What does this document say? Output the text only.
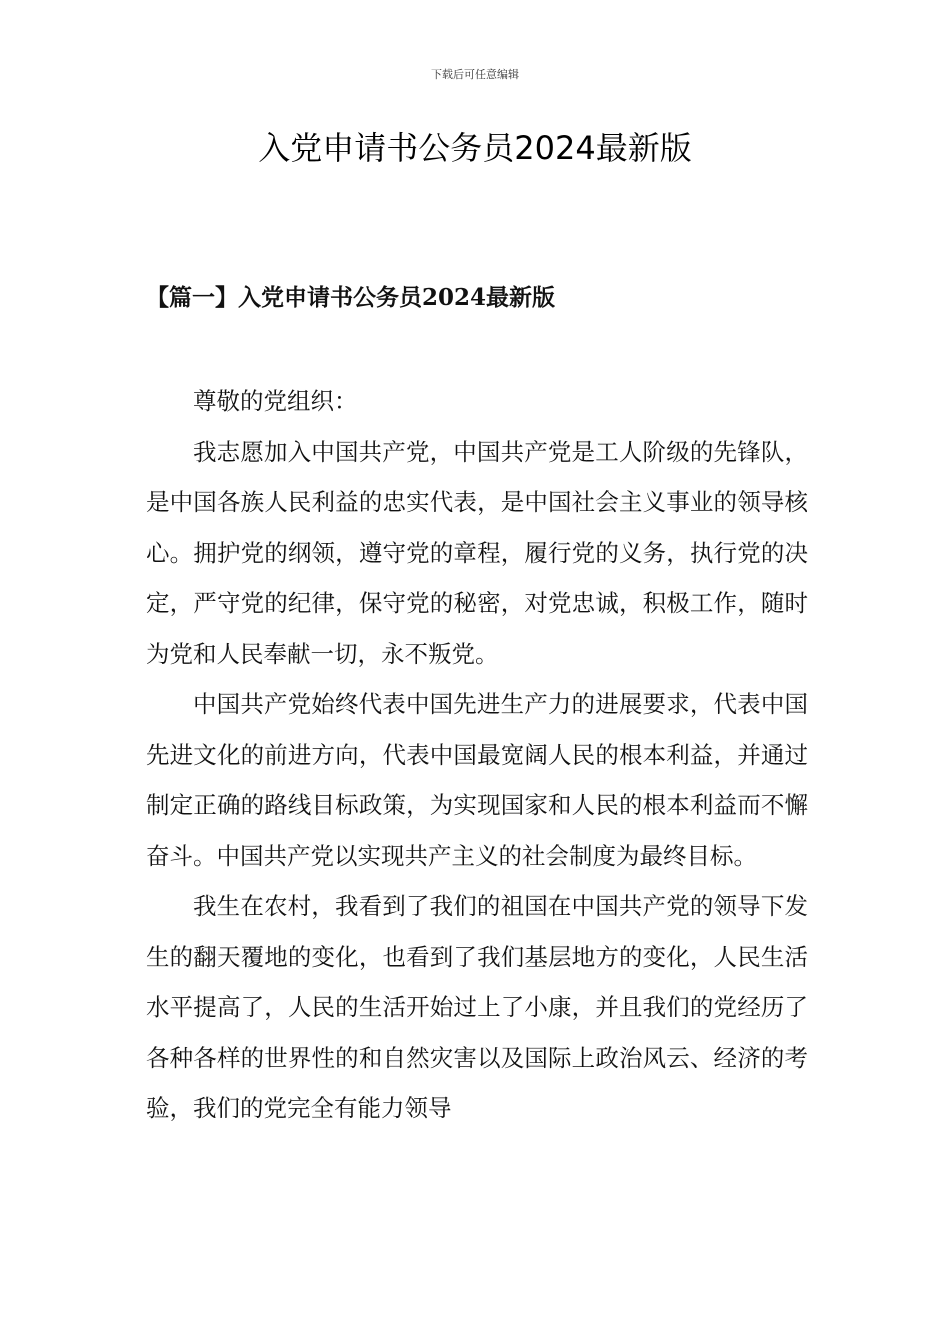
下载后可任意编辑
入党申请书公务员2024最新版
【篇一】入党申请书公务员2024最新版

尊敬的党组织：

我志愿加入中国共产党，中国共产党是工人阶级的先锋队，是中国各族人民利益的忠实代表，是中国社会主义事业的领导核心。拥护党的纲领，遵守党的章程，履行党的义务，执行党的决定，严守党的纪律，保守党的秘密，对党忠诚，积极工作，随时为党和人民奉献一切，永不叛党。

中国共产党始终代表中国先进生产力的进展要求，代表中国先进文化的前进方向，代表中国最宽阔人民的根本利益，并通过制定正确的路线目标政策，为实现国家和人民的根本利益而不懈奋斗。中国共产党以实现共产主义的社会制度为最终目标。

我生在农村，我看到了我们的祖国在中国共产党的领导下发生的翻天覆地的变化，也看到了我们基层地方的变化，人民生活水平提高了，人民的生活开始过上了小康，并且我们的党经历了各种各样的世界性的和自然灾害以及国际上政治风云、经济的考验，我们的党完全有能力领导
